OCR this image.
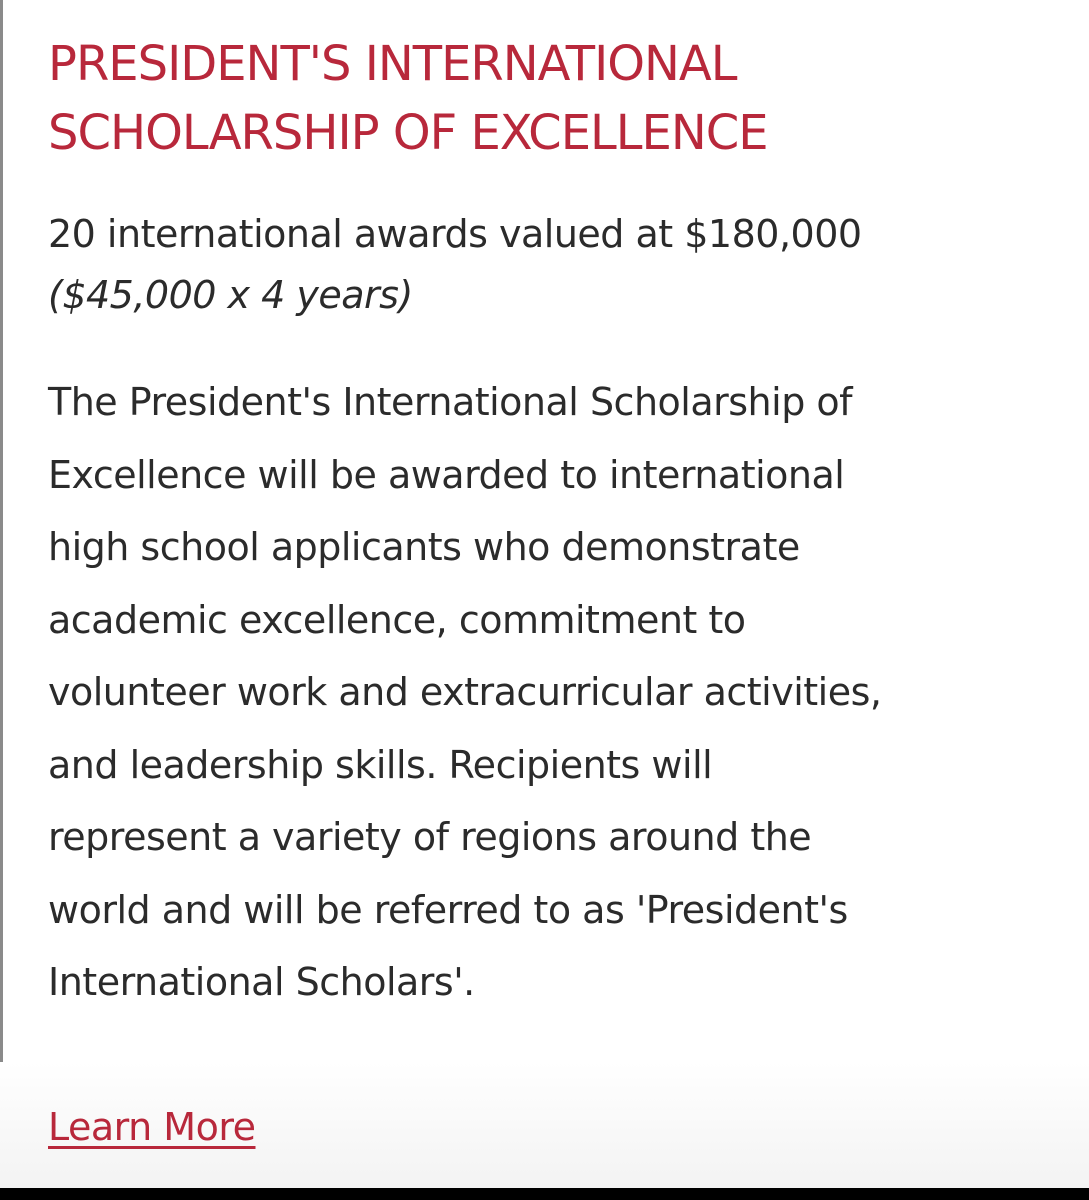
PRESIDENT'S INTERNATIONAL
SCHOLARSHIP OF EXCELLENCE

20 international awards valued at $180,000

($45,000 x 4 years)

The President's International Scholarship of
Excellence will be awarded to international
high school applicants who demonstrate
academic excellence, commitment to
volunteer work and extracurricular activities,
and leadership skills. Recipients will
represent a variety of regions around the
world and will be referred to as 'President's
International Scholars'.

Learn More
